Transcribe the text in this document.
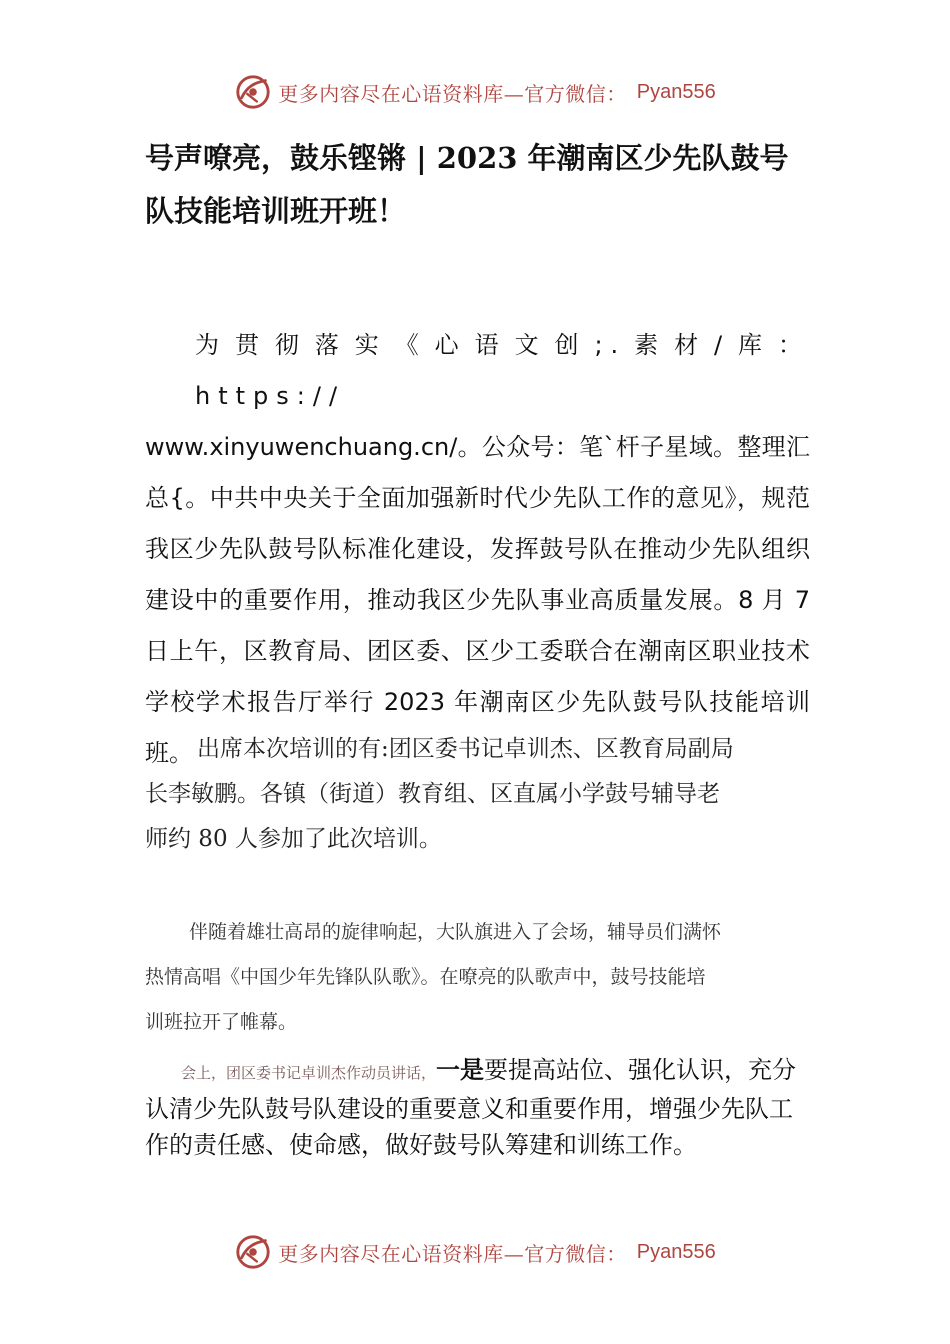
更多内容尽在心语资料库—官方微信： Pyan556
号声嘹亮，鼓乐铿锵 | 2023 年潮南区少先队鼓号队技能培训班开班！

为贯彻落实《心语文创;.素材/库： https://
www.xinyuwenchuang.cn/。公众号：笔`杆子星域。整理汇总{。中共中央关于全面加强新时代少先队工作的意见》，规范我区少先队鼓号队标准化建设，发挥鼓号队在推动少先队组织建设中的重要作用，推动我区少先队事业高质量发展。8 月 7 日上午，区教育局、团区委、区少工委联合在潮南区职业技术学校学术报告厅举行 2023 年潮南区少先队鼓号队技能培训班。 出席本次培训的有:团区委书记卓训杰、区教育局副局
长李敏鹏。各镇（街道）教育组、区直属小学鼓号辅导老
师约 80 人参加了此次培训。

伴随着雄壮高昂的旋律响起，大队旗进入了会场，辅导员们满怀
热情高唱《中国少年先锋队队歌》。在嘹亮的队歌声中，鼓号技能培
训班拉开了帷幕。

会上，团区委书记卓训杰作动员讲话，一是要提高站位、强化认识，充分认清少先队鼓号队建设的重要意义和重要作用，增强少先队工作的责任感、使命感，做好鼓号队筹建和训练工作。

更多内容尽在心语资料库—官方微信： Pyan556
